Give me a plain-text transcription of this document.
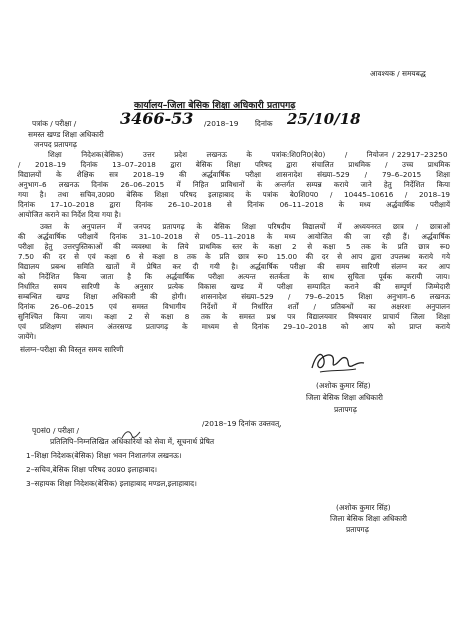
आवश्यक / समयबद्ध
कार्यालय–जिला बेसिक शिक्षा अधिकारी प्रतापगढ़
पत्रांक / परीक्षा /	3466-53 /2018–19 दिनांक 25/10/18
समस्त खण्ड शिक्षा अधिकारी
जनपद प्रतापगढ़
/ 22917–23250
शिक्षा निदेशक(बेसिक) उत्तर प्रदेश लखनऊ के पत्रांक:शि0नि0(बे0) / नियोजन
/ 2018–19 दिनांक 13–07–2018 द्वारा बेसिक शिक्षा परिषद द्वारा संचालित प्राथमिक / उच्च प्राथमिक
विद्यालयों के शैक्षिक सत्र 2018–19 की अर्द्धवार्षिक परीक्षा शासनादेश संख्या–529 / 79–6–2015 शिक्षा
अनुभाग–6 लखनऊ दिनांक 26–06–2015 में निहित प्राविधानों के अन्तर्गत सम्पन्न कराये जाने हेतु निर्देशित किया
गया है। तथा सचिव,उ0प्र0 बेसिक शिक्षा परिषद इलाहाबाद के पत्रांक बे0शि0प0 / 10445–10616 / 2018–19
दिनांक 17–10–2018 द्वारा दिनांक 26–10–2018 से दिनांक 06–11–2018 के मध्य अर्द्धवार्षिक परीक्षायें
आयोजित कराने का निर्देश दिया गया है।
उक्त के अनुपालन में जनपद प्रतापगढ़ के बेसिक शिक्षा परिषदीय विद्यालयों में अध्ययनरत छात्र / छात्राओं
की अर्द्धवार्षिक परीक्षायें दिनांक 31–10–2018 से 05–11–2018 के मध्य आयोजित की जा रही हैं। अर्द्धवार्षिक
परीक्षा हेतु उत्तरपुस्तिकाओं की व्यवस्था के लिये प्राथमिक स्तर के कक्षा 2 से कक्षा 5 तक के प्रति छात्र रू0
7.50 की दर से एवं कक्षा 6 से कक्षा 8 तक के प्रति छात्र रू0 15.00 की दर से आप द्वारा उपलब्ध कराये गये
विद्यालय प्रबन्ध समिति खातों में प्रेषित कर दी गयी है। अर्द्धवार्षिक परीक्षा की समय सारिणी संलग्न कर आप
को निर्देशित किया जाता है कि अर्द्धवार्षिक परीक्षा अत्यन्त सतर्कता के साथ सुचिता पूर्वक करायी जाय।
निर्धारित समय सारिणी के अनुसार प्रत्येक विकास खण्ड में परीक्षा सम्पादित कराने की सम्पूर्ण जिम्मेदारी
सम्बन्धित खण्ड शिक्षा अधिकारी की होगी। शासनादेश संख्या–529 / 79–6–2015 शिक्षा अनुभाग–6 लखनऊ
दिनांक 26–06–2015 एवं समस्त विभागीय निर्देशों में निर्धारित शर्तों / प्रतिबन्धों का अक्षरशः अनुपालन
सुनिश्चित किया जाय। कक्षा 2 से कक्षा 8 तक के समस्त प्रश्न पत्र विद्यालयवार विषयवार प्राचार्य जिला शिक्षा
एवं प्रशिक्षण संस्थान अंतरसण्ड प्रतापगढ़ के माध्यम से दिनांक 29–10–2018 को आप को प्राप्त कराये
जायेंगे।
संलग्न–परीक्षा की विस्तृत समय सारिणी
(अशोक कुमार सिंह)
जिला बेसिक शिक्षा अधिकारी
प्रतापगढ़
पृ0सं0 / परीक्षा /
/2018–19 दिनांक उक्तवत्,
प्रतिलिपि–निम्नलिखित अधिकारियों को सेवा में, सूचनार्थ प्रेषित
1–शिक्षा निदेशक(बेसिक) शिक्षा भवन निशातगंज लखनऊ।
2–सचिव,बेसिक शिक्षा परिषद उ0प्र0 इलाहाबाद।
3–सहायक शिक्षा निदेशक(बेसिक) इलाहाबाद मण्डल,इलाहाबाद।
(अशोक कुमार सिंह)
जिला बेसिक शिक्षा अधिकारी
प्रतापगढ़
